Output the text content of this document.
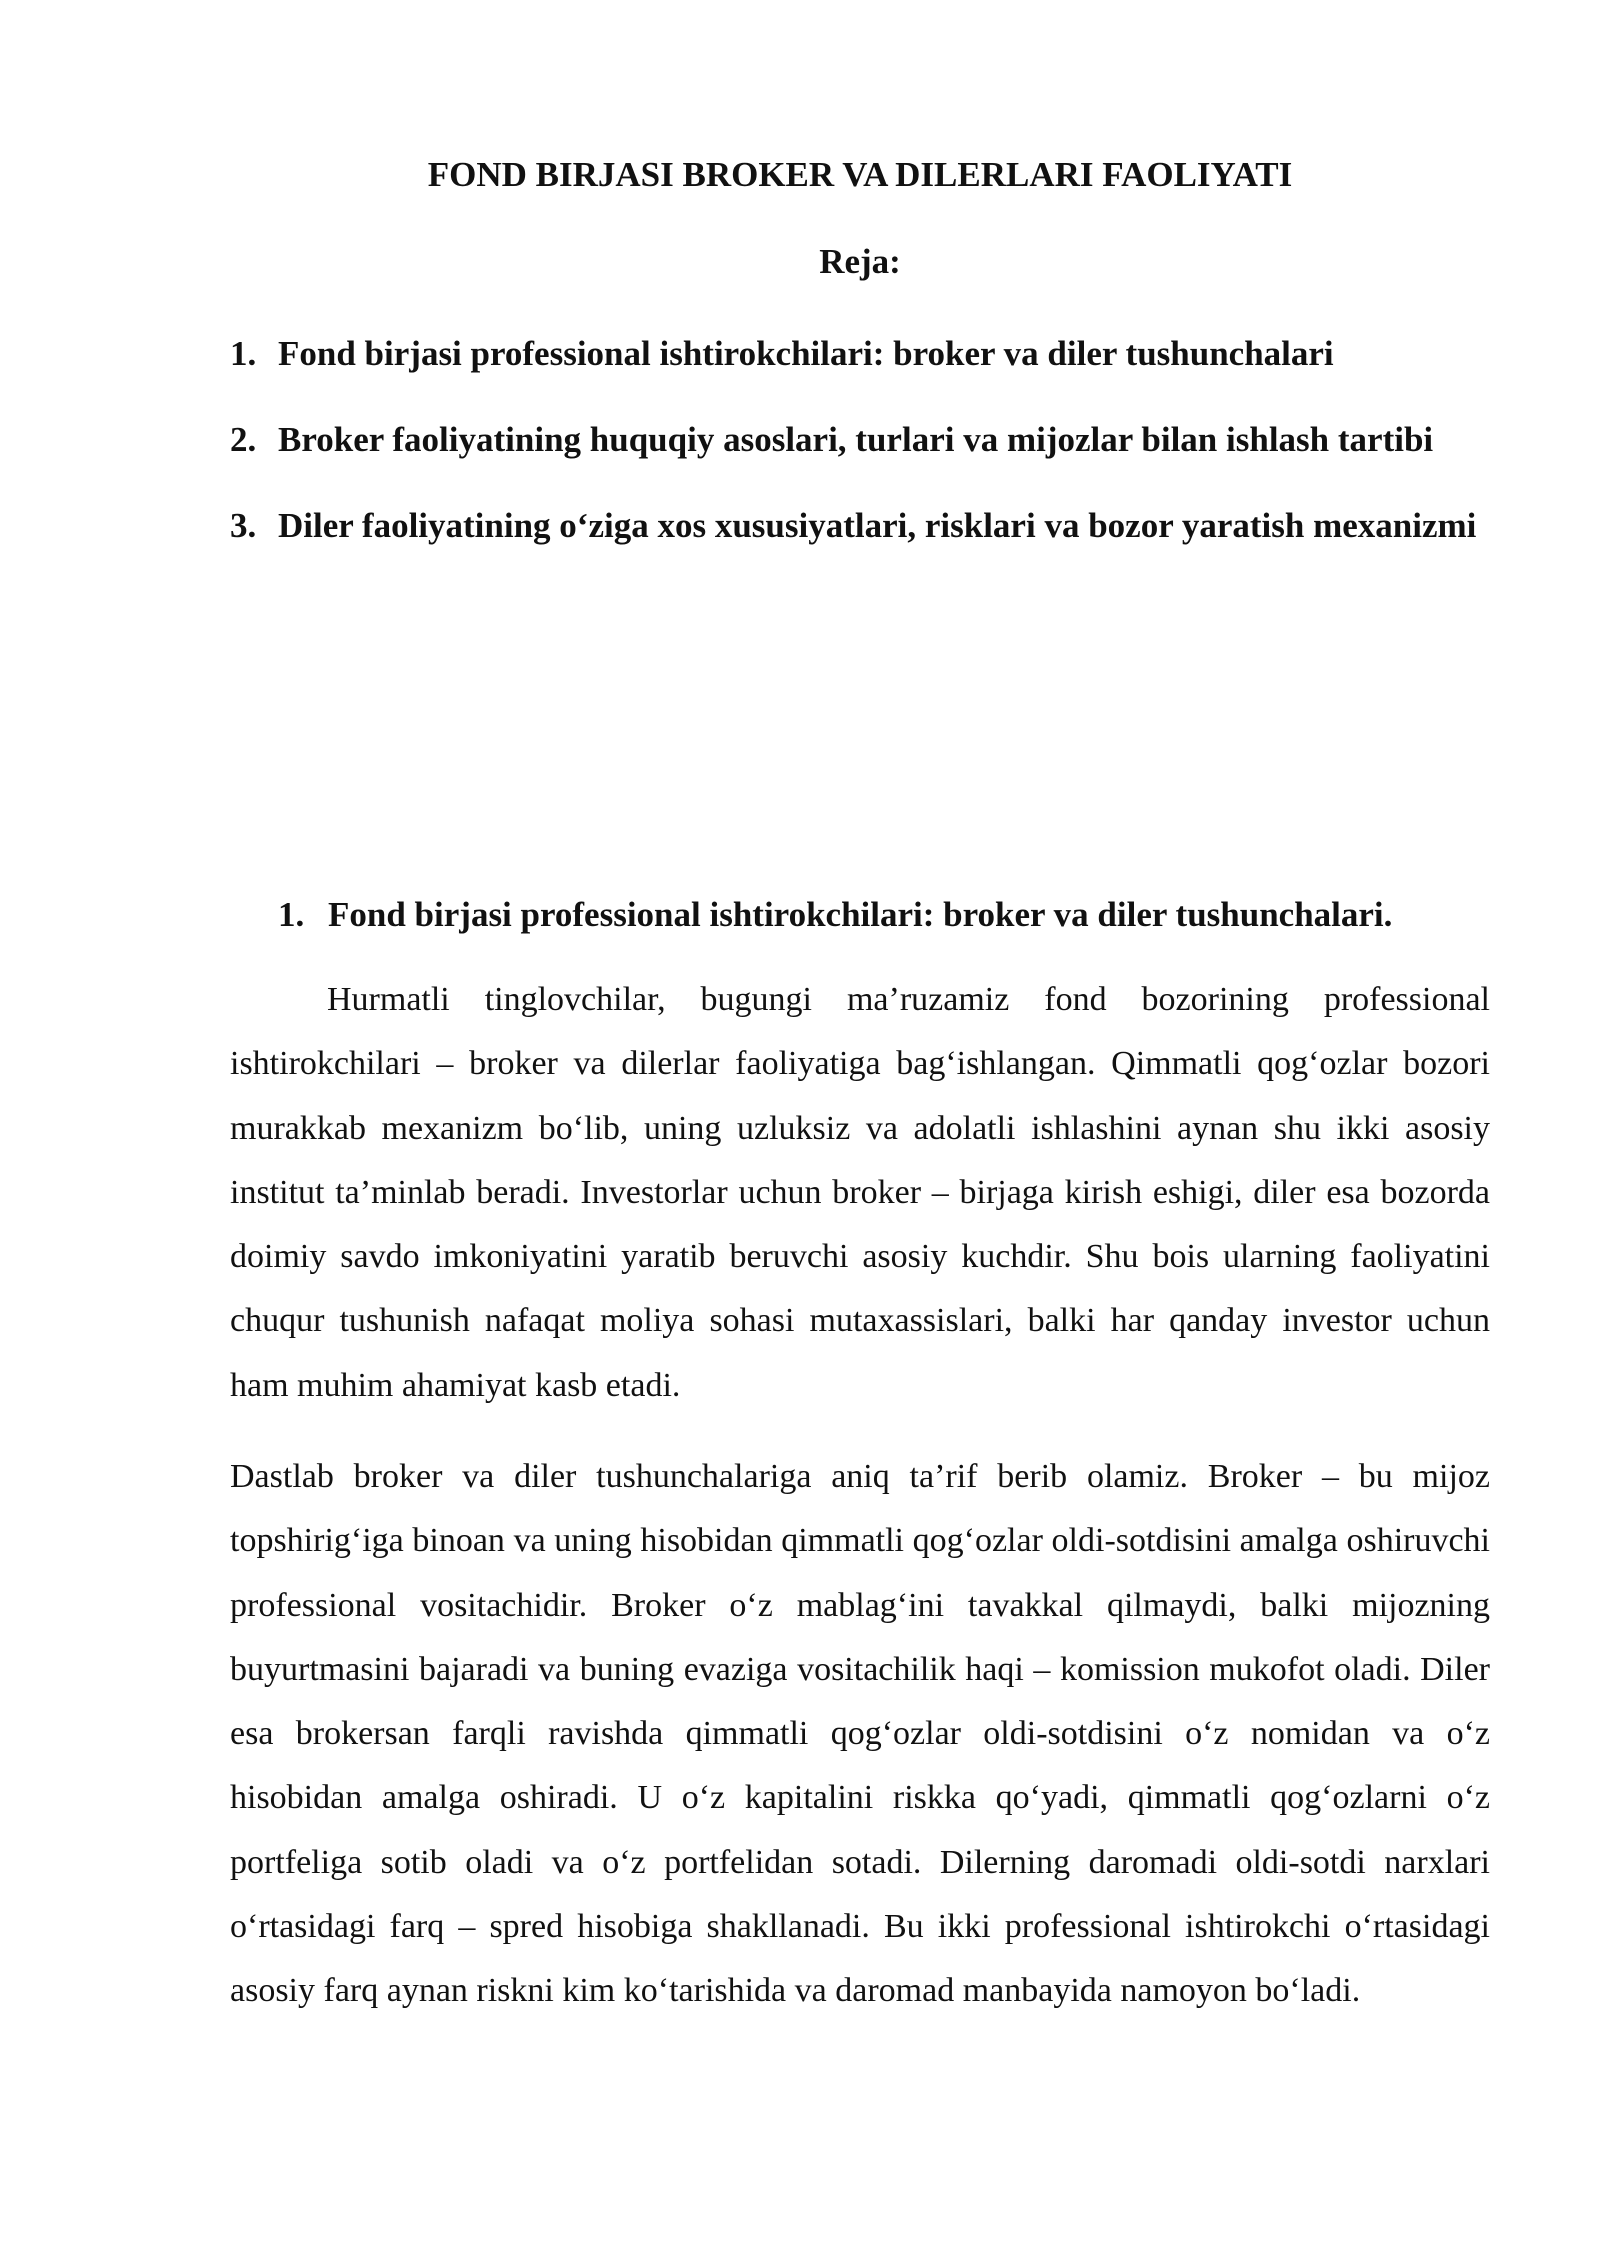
FOND BIRJASI BROKER VA DILERLARI FAOLIYATI
Reja:
1. Fond birjasi professional ishtirokchilari: broker va diler tushunchalari
2. Broker faoliyatining huquqiy asoslari, turlari va mijozlar bilan ishlash tartibi
3. Diler faoliyatining o‘ziga xos xususiyatlari, risklari va bozor yaratish mexanizmi
1. Fond birjasi professional ishtirokchilari: broker va diler tushunchalari.

Hurmatli tinglovchilar, bugungi ma’ruzamiz fond bozorining professional ishtirokchilari – broker va dilerlar faoliyatiga bag‘ishlangan. Qimmatli qog‘ozlar bozori murakkab mexanizm bo‘lib, uning uzluksiz va adolatli ishlashini aynan shu ikki asosiy institut ta’minlab beradi. Investorlar uchun broker – birjaga kirish eshigi, diler esa bozorda doimiy savdo imkoniyatini yaratib beruvchi asosiy kuchdir. Shu bois ularning faoliyatini chuqur tushunish nafaqat moliya sohasi mutaxassislari, balki har qanday investor uchun ham muhim ahamiyat kasb etadi.

Dastlab broker va diler tushunchalariga aniq ta’rif berib olamiz. Broker – bu mijoz topshirig‘iga binoan va uning hisobidan qimmatli qog‘ozlar oldi-sotdisini amalga oshiruvchi professional vositachidir. Broker o‘z mablag‘ini tavakkal qilmaydi, balki mijozning buyurtmasini bajaradi va buning evaziga vositachilik haqi – komission mukofot oladi. Diler esa brokersan farqli ravishda qimmatli qog‘ozlar oldi-sotdisini o‘z nomidan va o‘z hisobidan amalga oshiradi. U o‘z kapitalini riskka qo‘yadi, qimmatli qog‘ozlarni o‘z portfeliga sotib oladi va o‘z portfelidan sotadi. Dilerning daromadi oldi-sotdi narxlari o‘rtasidagi farq – spred hisobiga shakllanadi. Bu ikki professional ishtirokchi o‘rtasidagi asosiy farq aynan riskni kim ko‘tarishida va daromad manbayida namoyon bo‘ladi.
